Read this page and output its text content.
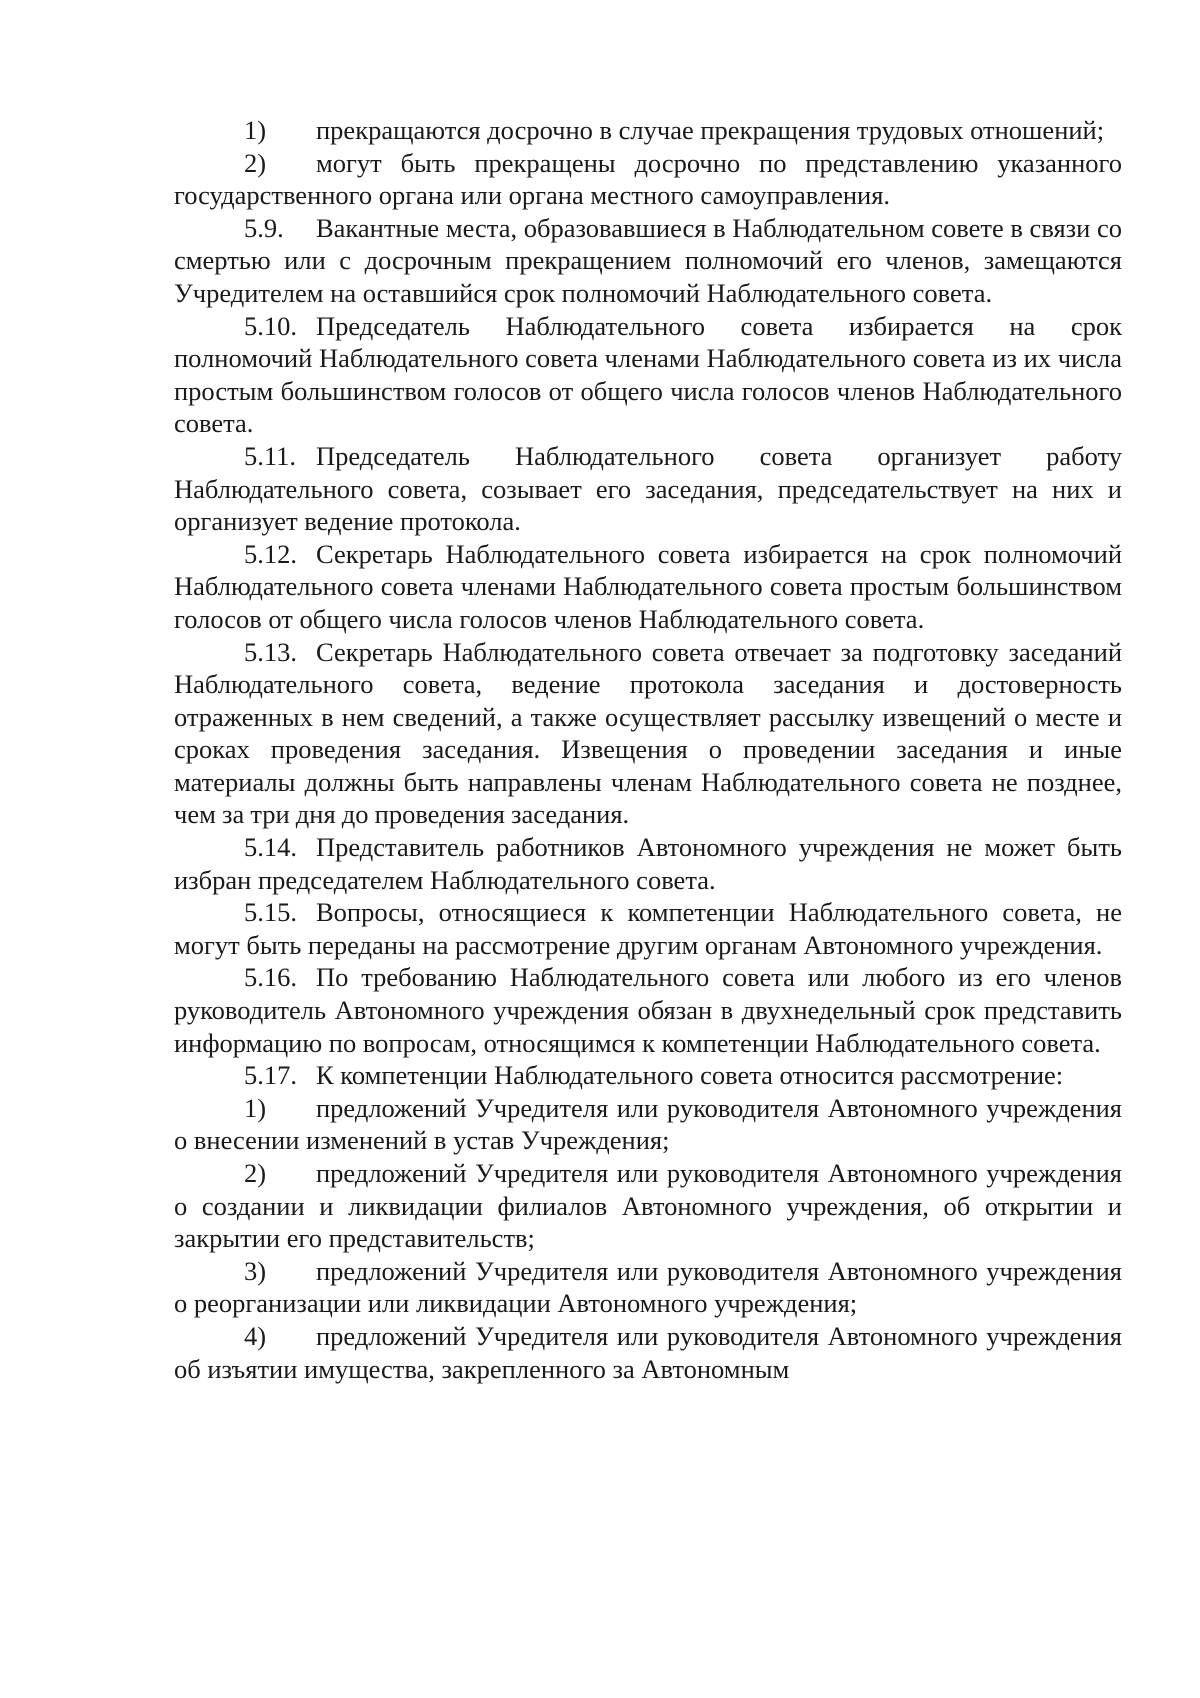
1) прекращаются досрочно в случае прекращения трудовых отношений;

2) могут быть прекращены досрочно по представлению указанного государственного органа или органа местного самоуправления.

5.9. Вакантные места, образовавшиеся в Наблюдательном совете в связи со смертью или с досрочным прекращением полномочий его членов, замещаются Учредителем на оставшийся срок полномочий Наблюдательного совета.

5.10. Председатель Наблюдательного совета избирается на срок полномочий Наблюдательного совета членами Наблюдательного совета из их числа простым большинством голосов от общего числа голосов членов Наблюдательного совета.

5.11. Председатель Наблюдательного совета организует работу Наблюдательного совета, созывает его заседания, председательствует на них и организует ведение протокола.

5.12. Секретарь Наблюдательного совета избирается на срок полномочий Наблюдательного совета членами Наблюдательного совета простым большинством голосов от общего числа голосов членов Наблюдательного совета.

5.13. Секретарь Наблюдательного совета отвечает за подготовку заседаний Наблюдательного совета, ведение протокола заседания и достоверность отраженных в нем сведений, а также осуществляет рассылку извещений о месте и сроках проведения заседания. Извещения о проведении заседания и иные материалы должны быть направлены членам Наблюдательного совета не позднее, чем за три дня до проведения заседания.

5.14. Представитель работников Автономного учреждения не может быть избран председателем Наблюдательного совета.

5.15. Вопросы, относящиеся к компетенции Наблюдательного совета, не могут быть переданы на рассмотрение другим органам Автономного учреждения.

5.16. По требованию Наблюдательного совета или любого из его членов руководитель Автономного учреждения обязан в двухнедельный срок представить информацию по вопросам, относящимся к компетенции Наблюдательного совета.

5.17. К компетенции Наблюдательного совета относится рассмотрение:

1) предложений Учредителя или руководителя Автономного учреждения о внесении изменений в устав Учреждения;

2) предложений Учредителя или руководителя Автономного учреждения о создании и ликвидации филиалов Автономного учреждения, об открытии и закрытии его представительств;

3) предложений Учредителя или руководителя Автономного учреждения о реорганизации или ликвидации Автономного учреждения;

4) предложений Учредителя или руководителя Автономного учреждения об изъятии имущества, закрепленного за Автономным
